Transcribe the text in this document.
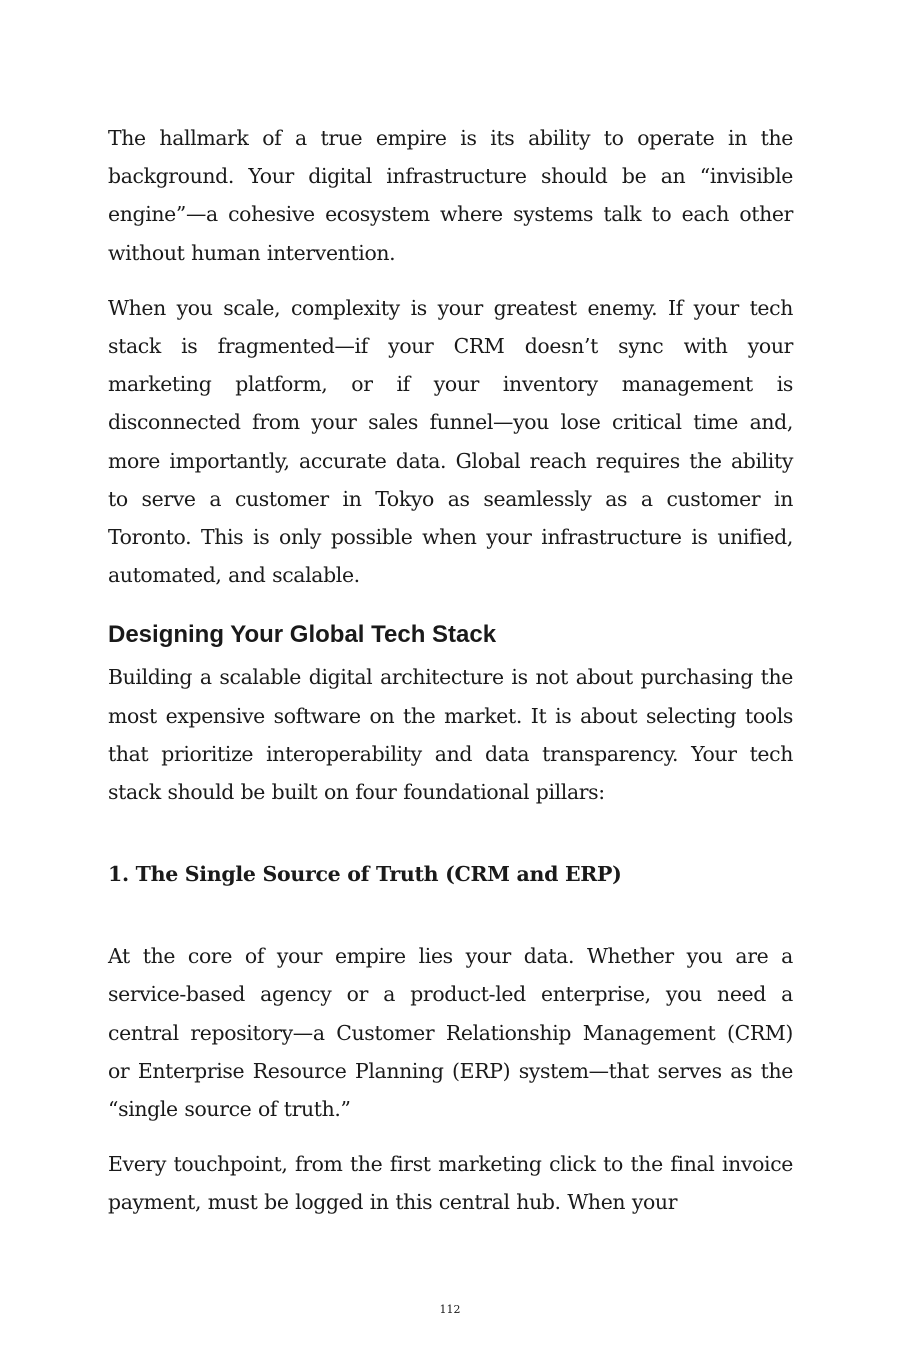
The hallmark of a true empire is its ability to operate in the background. Your digital infrastructure should be an “invisible engine”—a cohesive ecosystem where systems talk to each other without human intervention.

When you scale, complexity is your greatest enemy. If your tech stack is fragmented—if your CRM doesn’t sync with your marketing platform, or if your inventory management is disconnected from your sales funnel—you lose critical time and, more importantly, accurate data. Global reach requires the ability to serve a customer in Tokyo as seamlessly as a customer in Toronto. This is only possible when your infrastructure is unified, automated, and scalable.

Designing Your Global Tech Stack

Building a scalable digital architecture is not about purchasing the most expensive software on the market. It is about selecting tools that prioritize interoperability and data transparency. Your tech stack should be built on four foundational pillars:

1. The Single Source of Truth (CRM and ERP)

At the core of your empire lies your data. Whether you are a service-based agency or a product-led enterprise, you need a central repository—a Customer Relationship Management (CRM) or Enterprise Resource Planning (ERP) system—that serves as the “single source of truth.”

Every touchpoint, from the first marketing click to the final invoice payment, must be logged in this central hub. When your

112
